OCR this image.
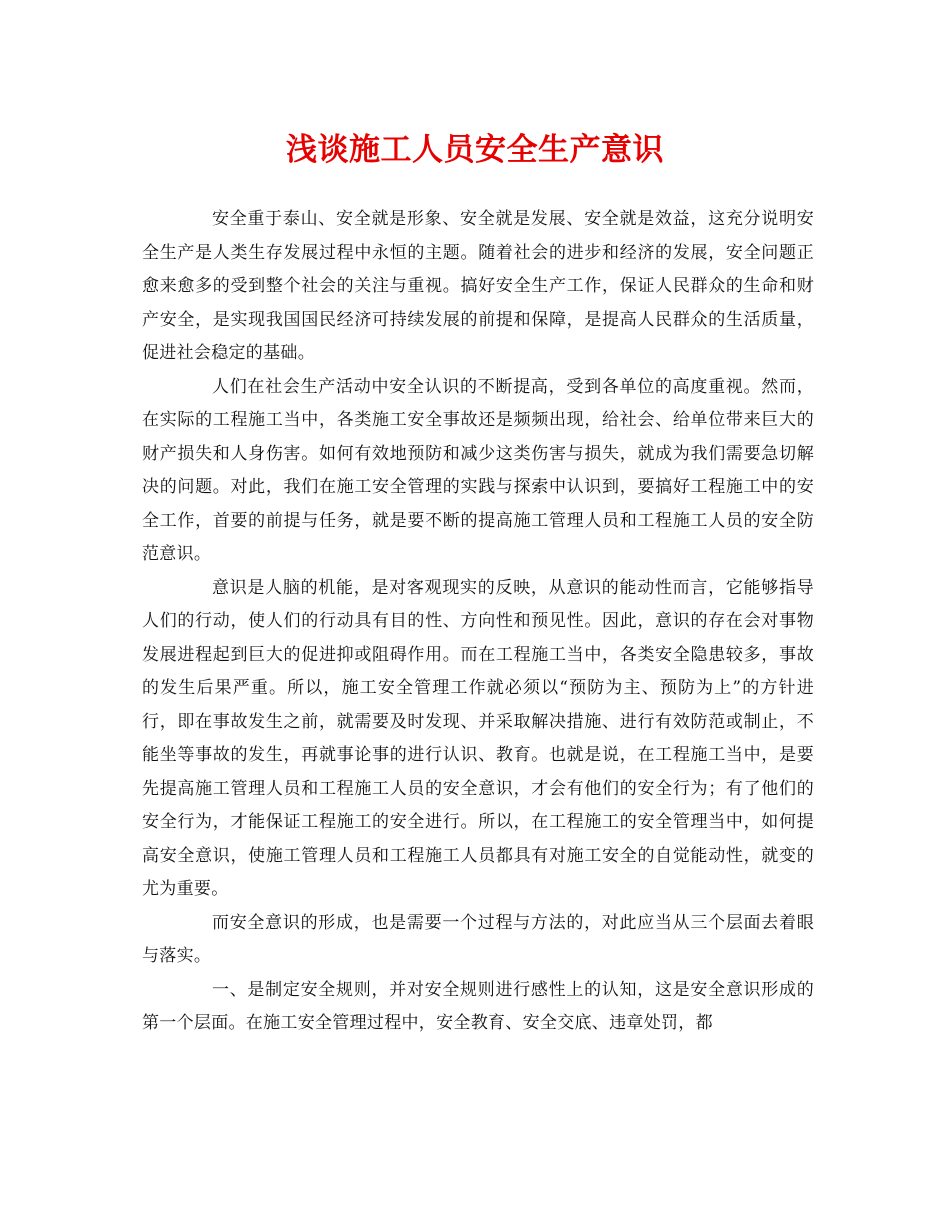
浅谈施工人员安全生产意识

安全重于泰山、安全就是形象、安全就是发展、安全就是效益，这充分说明安全生产是人类生存发展过程中永恒的主题。随着社会的进步和经济的发展，安全问题正愈来愈多的受到整个社会的关注与重视。搞好安全生产工作，保证人民群众的生命和财产安全，是实现我国国民经济可持续发展的前提和保障，是提高人民群众的生活质量，促进社会稳定的基础。

人们在社会生产活动中安全认识的不断提高，受到各单位的高度重视。然而，在实际的工程施工当中，各类施工安全事故还是频频出现，给社会、给单位带来巨大的财产损失和人身伤害。如何有效地预防和减少这类伤害与损失，就成为我们需要急切解决的问题。对此，我们在施工安全管理的实践与探索中认识到，要搞好工程施工中的安全工作，首要的前提与任务，就是要不断的提高施工管理人员和工程施工人员的安全防范意识。

意识是人脑的机能，是对客观现实的反映，从意识的能动性而言，它能够指导人们的行动，使人们的行动具有目的性、方向性和预见性。因此，意识的存在会对事物发展进程起到巨大的促进抑或阻碍作用。而在工程施工当中，各类安全隐患较多，事故的发生后果严重。所以，施工安全管理工作就必须以“预防为主、预防为上”的方针进行，即在事故发生之前，就需要及时发现、并采取解决措施、进行有效防范或制止，不能坐等事故的发生，再就事论事的进行认识、教育。也就是说，在工程施工当中，是要先提高施工管理人员和工程施工人员的安全意识，才会有他们的安全行为；有了他们的安全行为，才能保证工程施工的安全进行。所以，在工程施工的安全管理当中，如何提高安全意识，使施工管理人员和工程施工人员都具有对施工安全的自觉能动性，就变的尤为重要。

而安全意识的形成，也是需要一个过程与方法的，对此应当从三个层面去着眼与落实。

一、是制定安全规则，并对安全规则进行感性上的认知，这是安全意识形成的第一个层面。在施工安全管理过程中，安全教育、安全交底、违章处罚，都
